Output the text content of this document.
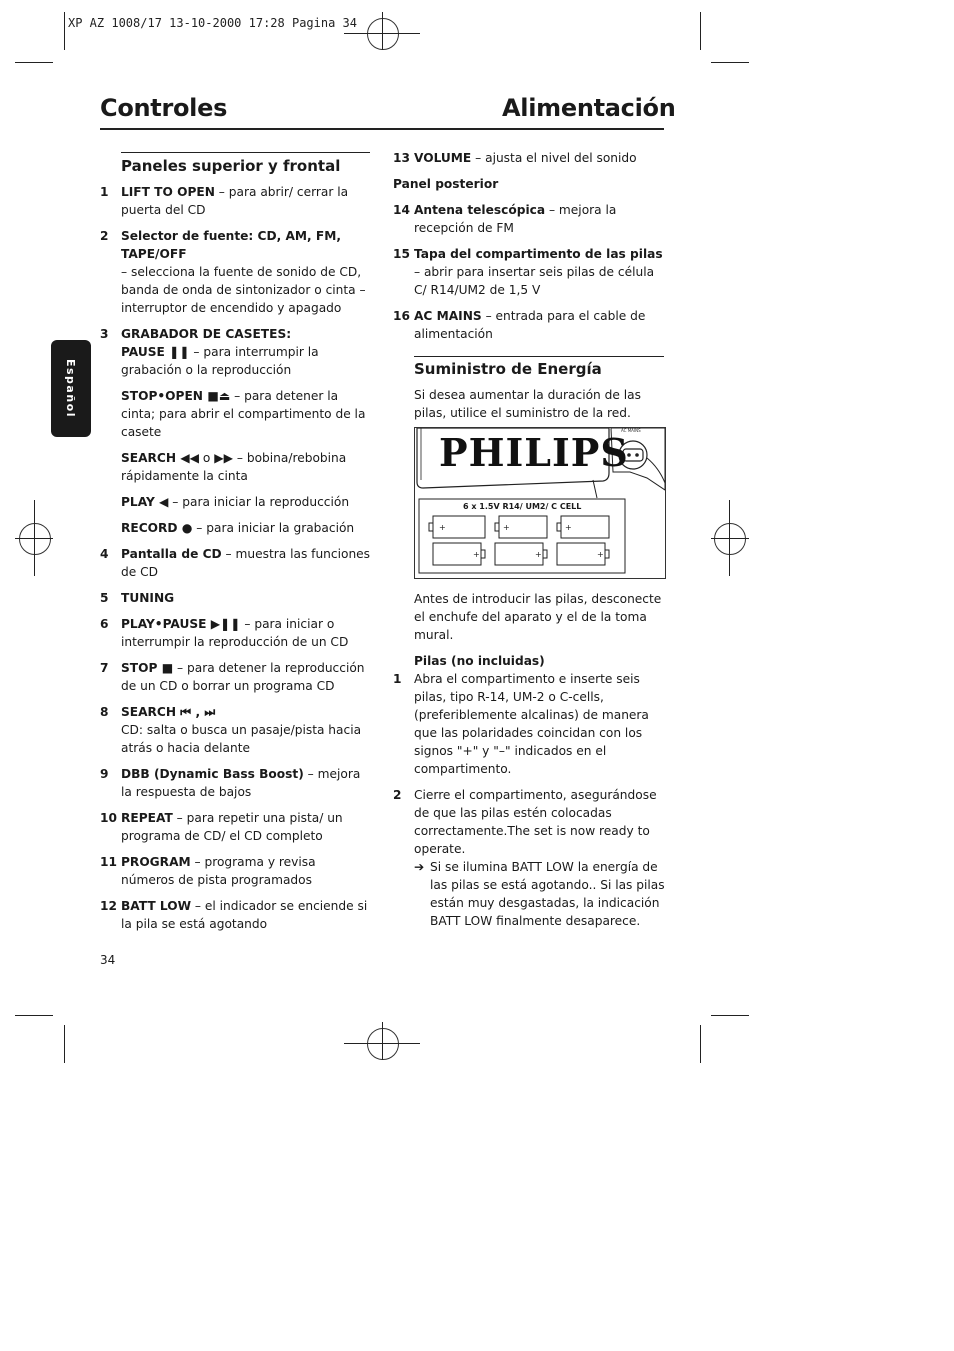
XP AZ 1008/17 13-10-2000 17:28 Pagina 34
Controles	Alimentación
Español
Paneles superior y frontal
1 LIFT TO OPEN – para abrir/ cerrar la puerta del CD
2 Selector de fuente: CD, AM, FM, TAPE/OFF
– selecciona la fuente de sonido de CD, banda de onda de sintonizador o cinta – interruptor de encendido y apagado
3 GRABADOR DE CASETES:
PAUSE ❚❚ – para interrumpir la grabación o la reproducción
STOP•OPEN ■⏏ – para detener la cinta; para abrir el compartimento de la casete
SEARCH ◀◀ o ▶▶ – bobina/rebobina rápidamente la cinta
PLAY ◀ – para iniciar la reproducción
RECORD ● – para iniciar la grabación
4 Pantalla de CD – muestra las funciones de CD
5 TUNING
6 PLAY•PAUSE ▶❚❚ – para iniciar o interrumpir la reproducción de un CD
7 STOP ■ – para detener la reproducción de un CD o borrar un programa CD
8 SEARCH ⏮ , ⏭
CD: salta o busca un pasaje/pista hacia atrás o hacia delante
9 DBB (Dynamic Bass Boost) – mejora la respuesta de bajos
10 REPEAT – para repetir una pista/ un programa de CD/ el CD completo
11 PROGRAM – programa y revisa números de pista programados
12 BATT LOW – el indicador se enciende si la pila se está agotando
13 VOLUME – ajusta el nivel del sonido
Panel posterior
14 Antena telescópica – mejora la recepción de FM
15 Tapa del compartimento de las pilas
– abrir para insertar seis pilas de célula C/ R14/UM2 de 1,5 V
16 AC MAINS – entrada para el cable de alimentación
Suministro de Energía
Si desea aumentar la duración de las pilas, utilice el suministro de la red.
+	+	+
+	+	+
PHILIPS
AC MAINS
6 x 1.5V R14/ UM2/ C CELL
Antes de introducir las pilas, desconecte el enchufe del aparato y el de la toma mural.
Pilas (no incluidas)
1 Abra el compartimento e inserte seis pilas, tipo R-14, UM-2 o C-cells, (preferiblemente alcalinas) de manera que las polaridades coincidan con los signos "+" y "–" indicados en el compartimento.
2 Cierre el compartimento, asegurándose de que las pilas estén colocadas correctamente.The set is now ready to operate.
➔ Si se ilumina BATT LOW la energía de las pilas se está agotando.. Si las pilas están muy desgastadas, la indicación BATT LOW finalmente desaparece.
34
